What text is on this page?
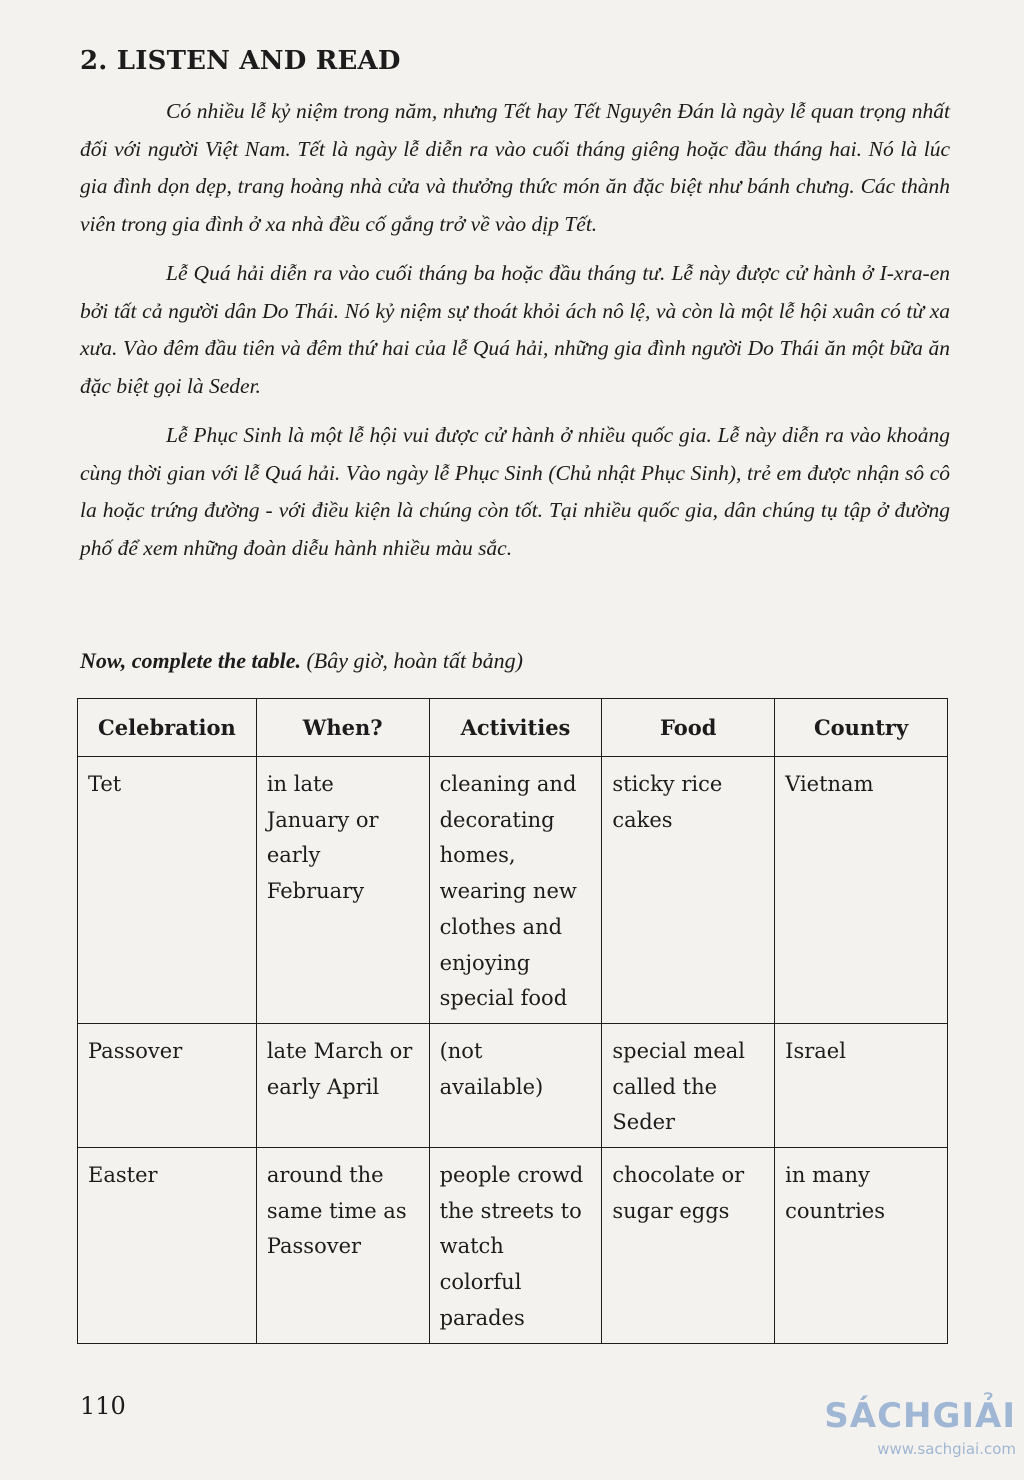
2. LISTEN AND READ

Có nhiều lễ kỷ niệm trong năm, nhưng Tết hay Tết Nguyên Đán là ngày lễ quan trọng nhất đối với người Việt Nam. Tết là ngày lễ diễn ra vào cuối tháng giêng hoặc đầu tháng hai. Nó là lúc gia đình dọn dẹp, trang hoàng nhà cửa và thưởng thức món ăn đặc biệt như bánh chưng. Các thành viên trong gia đình ở xa nhà đều cố gắng trở về vào dịp Tết.

Lễ Quá hải diễn ra vào cuối tháng ba hoặc đầu tháng tư. Lễ này được cử hành ở I-xra-en bởi tất cả người dân Do Thái. Nó kỷ niệm sự thoát khỏi ách nô lệ, và còn là một lễ hội xuân có từ xa xưa. Vào đêm đầu tiên và đêm thứ hai của lễ Quá hải, những gia đình người Do Thái ăn một bữa ăn đặc biệt gọi là Seder.

Lễ Phục Sinh là một lễ hội vui được cử hành ở nhiều quốc gia. Lễ này diễn ra vào khoảng cùng thời gian với lễ Quá hải. Vào ngày lễ Phục Sinh (Chủ nhật Phục Sinh), trẻ em được nhận sô cô la hoặc trứng đường - với điều kiện là chúng còn tốt. Tại nhiều quốc gia, dân chúng tụ tập ở đường phố để xem những đoàn diễu hành nhiều màu sắc.

Now, complete the table. (Bây giờ, hoàn tất bảng)

Celebration	When?	Activities	Food	Country
Tet	in late January or early February	cleaning and decorating homes, wearing new clothes and enjoying special food	sticky rice cakes	Vietnam
Passover	late March or early April	(not available)	special meal called the Seder	Israel
Easter	around the same time as Passover	people crowd the streets to watch colorful parades	chocolate or sugar eggs	in many countries

110	SÁCHGIẢI
www.sachgiai.com
